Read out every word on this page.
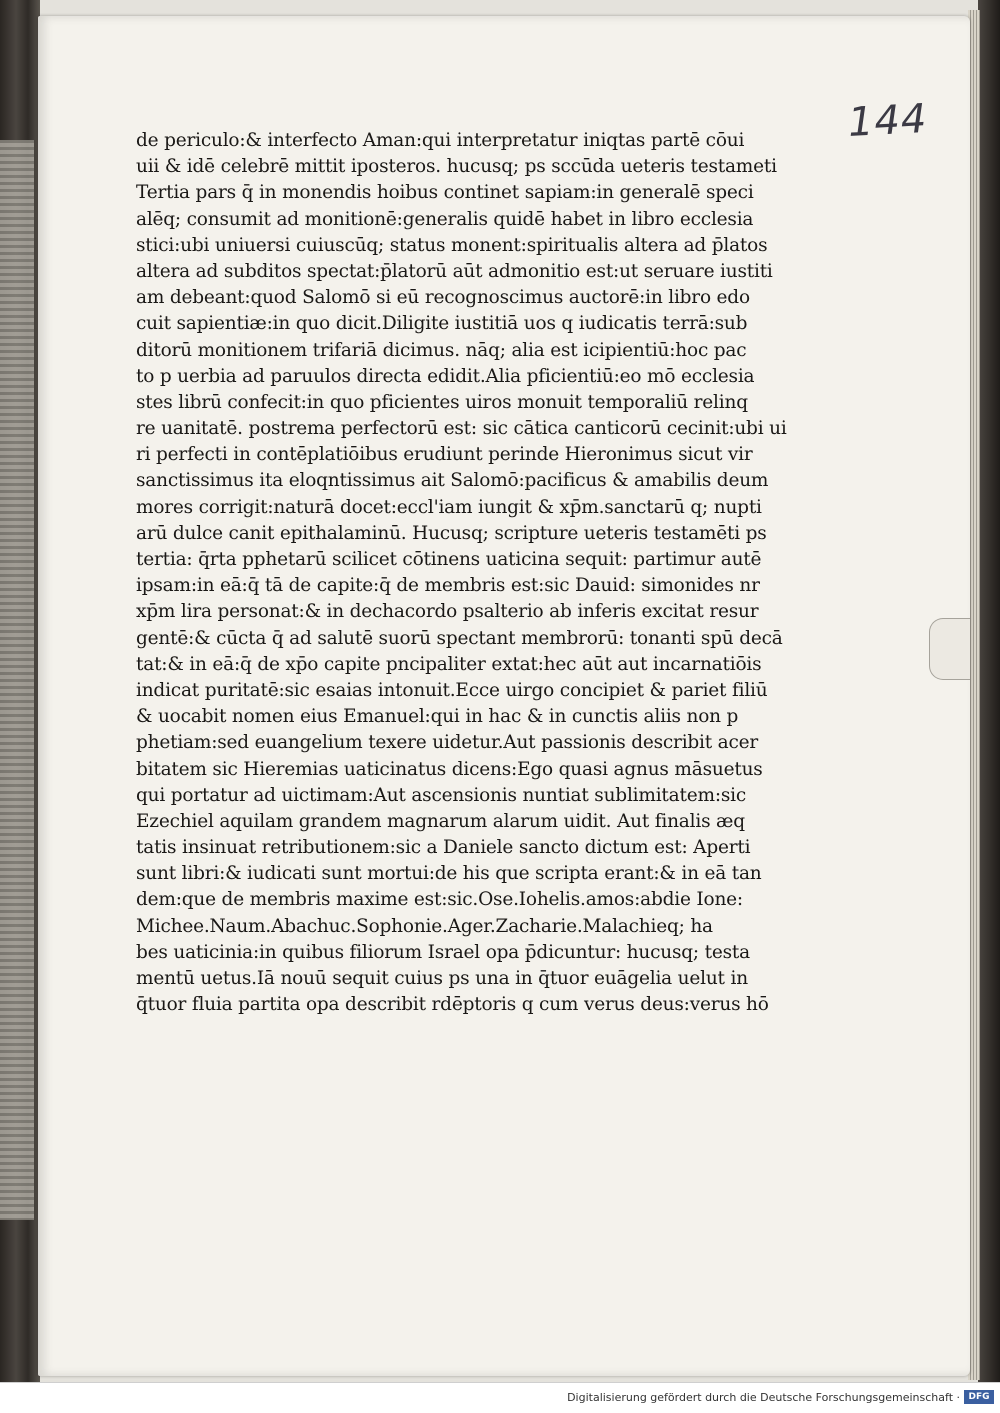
144
de periculo:& interfecto Aman:qui interpretatur iniqtas partē cōui
uii & idē celebrē mittit iposteros. hucusq; ps sccūda ueteris testameti
Tertia pars q̄ in monendis hoibus continet sapiam:in generalē speci
alēq; consumit ad monitionē:generalis quidē habet in libro ecclesia
stici:ubi uniuersi cuiuscūq; status monent:spiritualis altera ad p̄latos
altera ad subditos spectat:p̄latorū aūt admonitio est:ut seruare iustiti
am debeant:quod Salomō si eū recognoscimus auctorē:in libro edo
cuit sapientiæ:in quo dicit.Diligite iustitiā uos q iudicatis terrā:sub
ditorū monitionem trifariā dicimus. nāq; alia est icipientiū:hoc pac
to p uerbia ad paruulos directa edidit.Alia pficientiū:eo mō ecclesia
stes librū confecit:in quo pficientes uiros monuit temporaliū relinq
re uanitatē. postrema perfectorū est: sic cātica canticorū cecinit:ubi ui
ri perfecti in contēplatiōibus erudiunt perinde Hieronimus sicut vir
sanctissimus ita eloqntissimus ait Salomō:pacificus & amabilis deum
mores corrigit:naturā docet:eccl'iam iungit & xp̄m.sanctarū q; nupti
arū dulce canit epithalaminū. Hucusq; scripture ueteris testamēti ps
tertia: q̄rta pphetarū scilicet cōtinens uaticina sequit: partimur autē
ipsam:in eā:q̄ tā de capite:q̄ de membris est:sic Dauid: simonides nr
xp̄m lira personat:& in dechacordo psalterio ab inferis excitat resur
gentē:& cūcta q̄ ad salutē suorū spectant membrorū: tonanti spū decā
tat:& in eā:q̄ de xp̄o capite pncipaliter extat:hec aūt aut incarnatiōis
indicat puritatē:sic esaias intonuit.Ecce uirgo concipiet & pariet filiū
& uocabit nomen eius Emanuel:qui in hac & in cunctis aliis non p
phetiam:sed euangelium texere uidetur.Aut passionis describit acer
bitatem sic Hieremias uaticinatus dicens:Ego quasi agnus māsuetus
qui portatur ad uictimam:Aut ascensionis nuntiat sublimitatem:sic
Ezechiel aquilam grandem magnarum alarum uidit. Aut finalis æq
tatis insinuat retributionem:sic a Daniele sancto dictum est: Aperti
sunt libri:& iudicati sunt mortui:de his que scripta erant:& in eā tan
dem:que de membris maxime est:sic.Ose.Iohelis.amos:abdie Ione:
Michee.Naum.Abachuc.Sophonie.Ager.Zacharie.Malachieq; ha
bes uaticinia:in quibus filiorum Israel opa p̄dicuntur: hucusq; testa
mentū uetus.Iā nouū sequit cuius ps una in q̄tuor euāgelia uelut in
q̄tuor fluia partita opa describit rdēptoris q cum verus deus:verus hō
Digitalisierung gefördert durch die Deutsche Forschungsgemeinschaft · DFG
